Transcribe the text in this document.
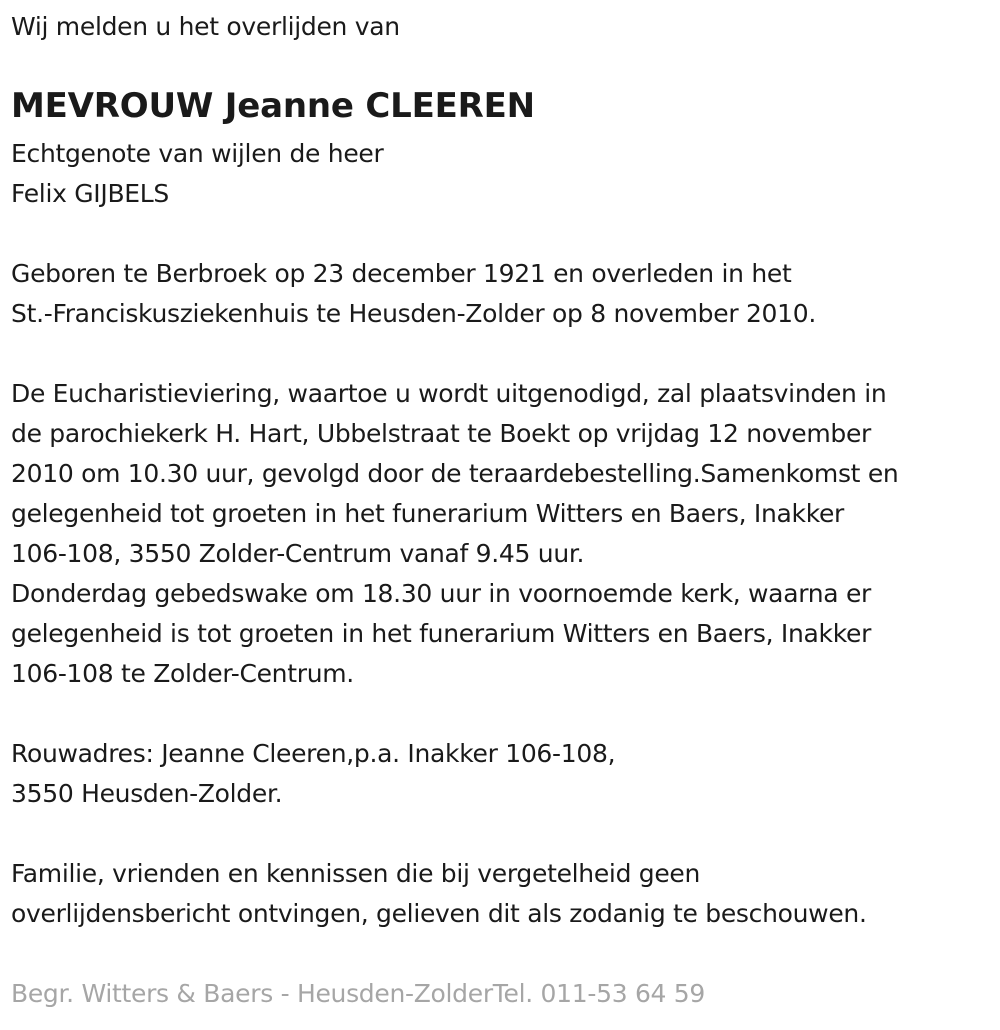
Wij melden u het overlijden van
MEVROUW Jeanne CLEEREN
Echtgenote van wijlen de heer
Felix GIJBELS
Geboren te Berbroek op 23 december 1921 en overleden in het
St.-Franciskusziekenhuis te Heusden-Zolder op 8 november 2010.
De Eucharistieviering, waartoe u wordt uitgenodigd, zal plaatsvinden in
de parochiekerk H. Hart, Ubbelstraat te Boekt op vrijdag 12 november
2010 om 10.30 uur, gevolgd door de teraardebestelling.Samenkomst en
gelegenheid tot groeten in het funerarium Witters en Baers, Inakker
106-108, 3550 Zolder-Centrum vanaf 9.45 uur.
Donderdag gebedswake om 18.30 uur in voornoemde kerk, waarna er
gelegenheid is tot groeten in het funerarium Witters en Baers, Inakker
106-108 te Zolder-Centrum.
Rouwadres: Jeanne Cleeren,p.a. Inakker 106-108,
3550 Heusden-Zolder.
Familie, vrienden en kennissen die bij vergetelheid geen
overlijdensbericht ontvingen, gelieven dit als zodanig te beschouwen.
Begr. Witters & Baers - Heusden-ZolderTel. 011-53 64 59
